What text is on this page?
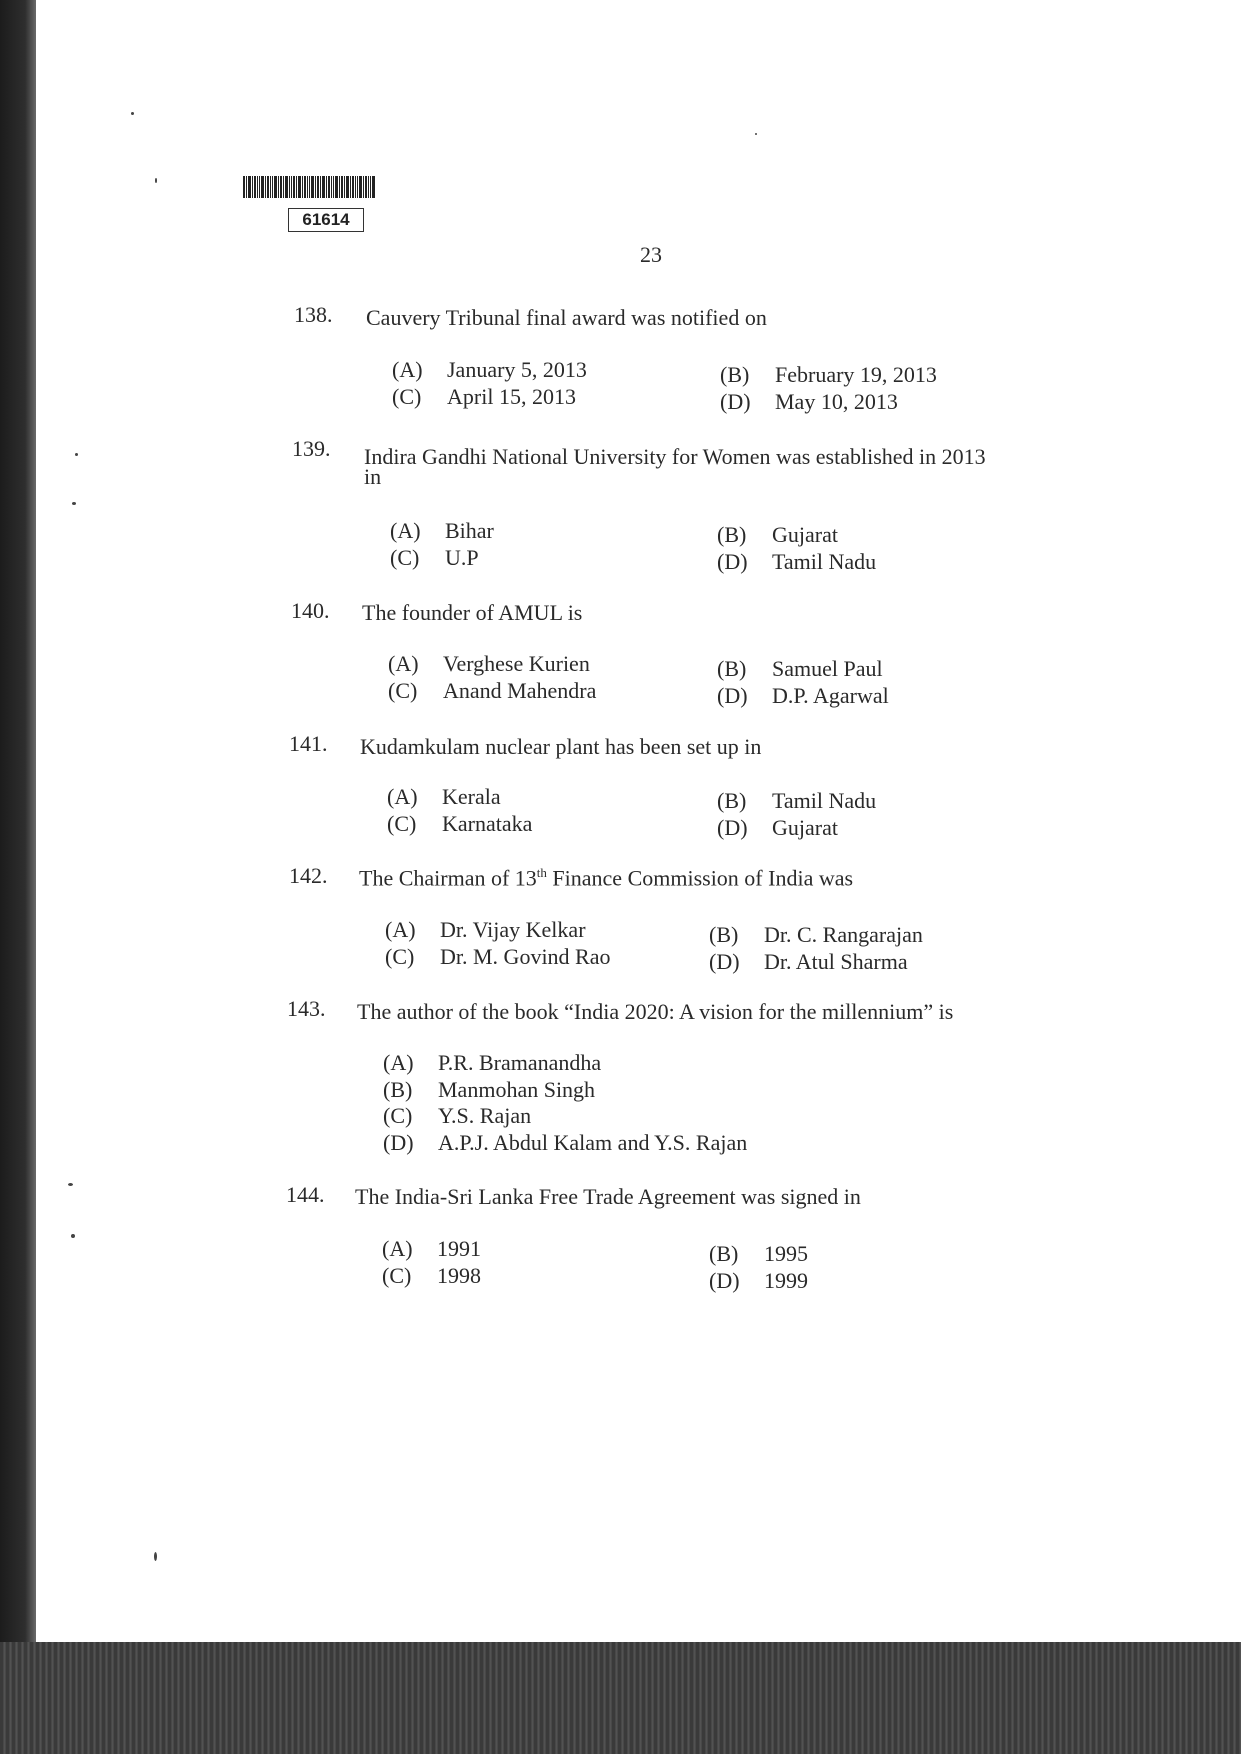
61614
23
138. Cauvery Tribunal final award was notified on
(A) January 5, 2013	(B) February 19, 2013
(C) April 15, 2013	(D) May 10, 2013
139. Indira Gandhi National University for Women was established in 2013
in
(A) Bihar	(B) Gujarat
(C) U.P	(D) Tamil Nadu
140. The founder of AMUL is
(A) Verghese Kurien	(B) Samuel Paul
(C) Anand Mahendra	(D) D.P. Agarwal
141. Kudamkulam nuclear plant has been set up in
(A) Kerala	(B) Tamil Nadu
(C) Karnataka	(D) Gujarat
142. The Chairman of 13th Finance Commission of India was
(A) Dr. Vijay Kelkar	(B) Dr. C. Rangarajan
(C) Dr. M. Govind Rao	(D) Dr. Atul Sharma
143. The author of the book “India 2020: A vision for the millennium” is
(A) P.R. Bramanandha
(B) Manmohan Singh
(C) Y.S. Rajan
(D) A.P.J. Abdul Kalam and Y.S. Rajan
144. The India-Sri Lanka Free Trade Agreement was signed in
(A) 1991	(B) 1995
(C) 1998	(D) 1999
